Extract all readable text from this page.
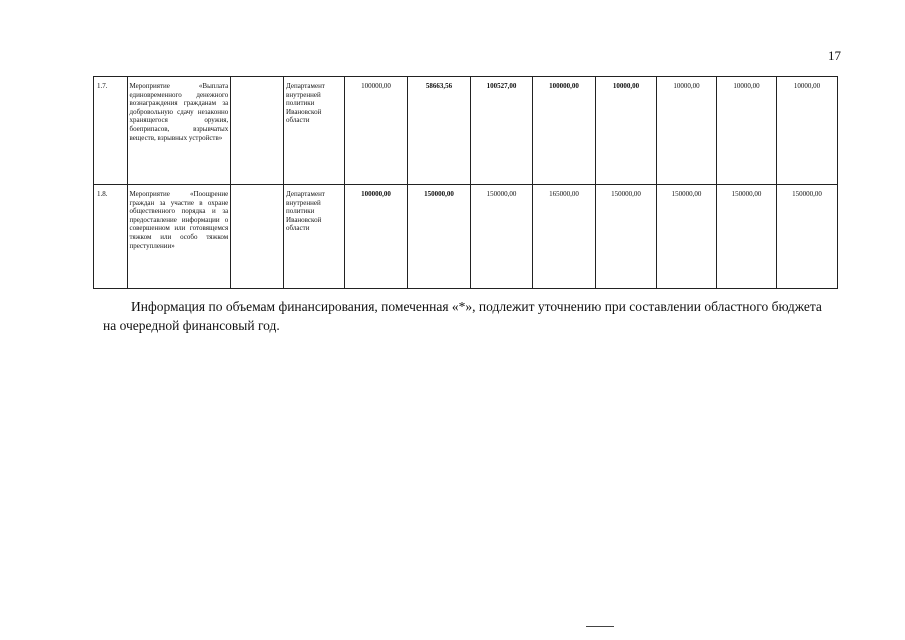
17
1.7.	Мероприятие «Выплата единовременного денежного вознаграждения гражданам за добровольную сдачу незаконно хранящегося оружия, боеприпасов, взрывчатых веществ, взрывных устройств»		Департамент внутренней политики Ивановской области	100000,00	58663,56	100527,00	100000,00	10000,00	10000,00	10000,00	10000,00
1.8.	Мероприятие «Поощрение граждан за участие в охране общественного порядка и за предоставление информации о совершенном или готовящемся тяжком или особо тяжком преступлении»		Департамент внутренней политики Ивановской области	100000,00	150000,00	150000,00	165000,00	150000,00	150000,00	150000,00	150000,00

Информация по объемам финансирования, помеченная «*», подлежит уточнению при составлении областного бюджета на очередной финансовый год.
